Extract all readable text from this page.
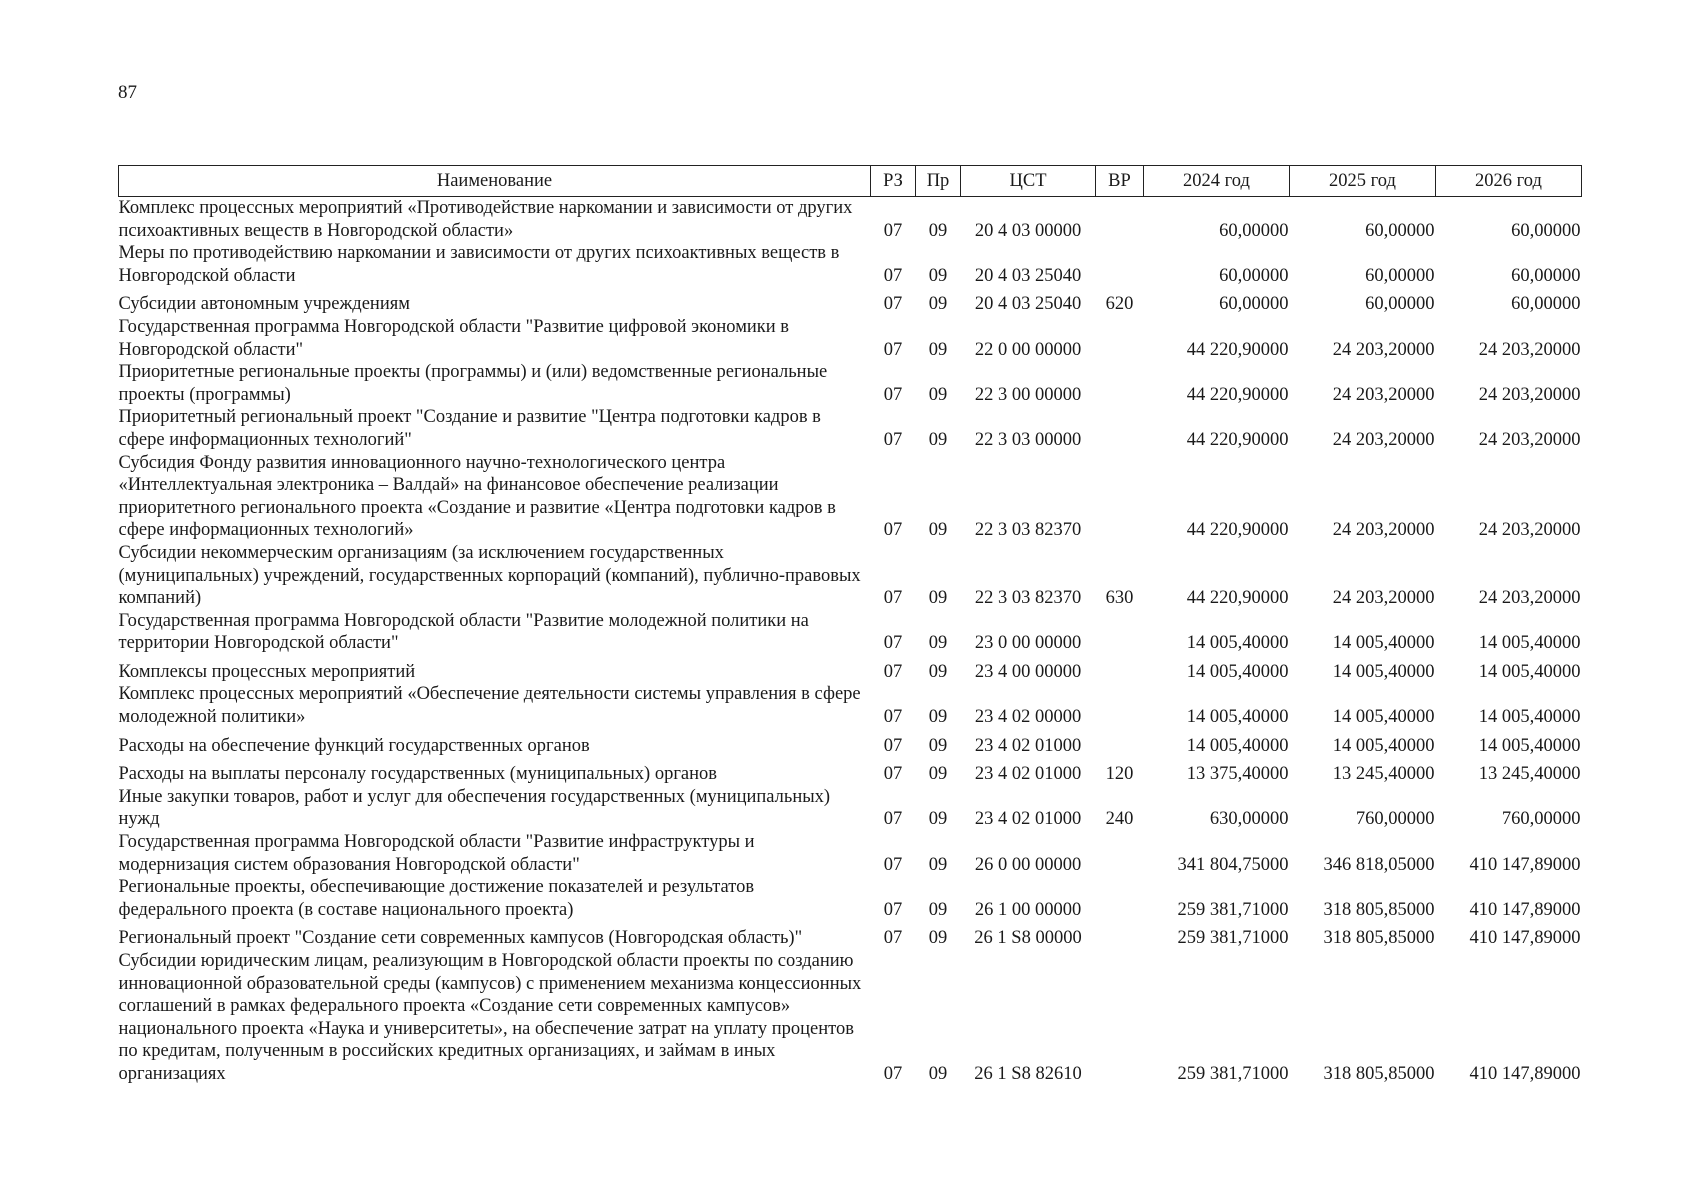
87
Наименование	РЗ	Пр	ЦСТ	ВР	2024 год	2025 год	2026 год
Комплекс процессных мероприятий «Противодействие наркомании и зависимости от других психоактивных веществ в Новгородской области»	07	09	20 4 03 00000		60,00000	60,00000	60,00000
Меры по противодействию наркомании и зависимости от других психоактивных веществ в Новгородской области	07	09	20 4 03 25040		60,00000	60,00000	60,00000
Субсидии автономным учреждениям	07	09	20 4 03 25040	620	60,00000	60,00000	60,00000
Государственная программа Новгородской области "Развитие цифровой экономики в Новгородской области"	07	09	22 0 00 00000		44 220,90000	24 203,20000	24 203,20000
Приоритетные региональные проекты (программы) и (или) ведомственные региональные проекты (программы)	07	09	22 3 00 00000		44 220,90000	24 203,20000	24 203,20000
Приоритетный региональный проект "Создание и развитие "Центра подготовки кадров в сфере информационных технологий"	07	09	22 3 03 00000		44 220,90000	24 203,20000	24 203,20000
Субсидия Фонду развития инновационного научно-технологического центра «Интеллектуальная электроника – Валдай» на финансовое обеспечение реализации приоритетного регионального проекта «Создание и развитие «Центра подготовки кадров в сфере информационных технологий»	07	09	22 3 03 82370		44 220,90000	24 203,20000	24 203,20000
Субсидии некоммерческим организациям (за исключением государственных (муниципальных) учреждений, государственных корпораций (компаний), публично-правовых компаний)	07	09	22 3 03 82370	630	44 220,90000	24 203,20000	24 203,20000
Государственная программа Новгородской области "Развитие молодежной политики на территории Новгородской области"	07	09	23 0 00 00000		14 005,40000	14 005,40000	14 005,40000
Комплексы процессных мероприятий	07	09	23 4 00 00000		14 005,40000	14 005,40000	14 005,40000
Комплекс процессных мероприятий «Обеспечение деятельности системы управления в сфере молодежной политики»	07	09	23 4 02 00000		14 005,40000	14 005,40000	14 005,40000
Расходы на обеспечение функций государственных органов	07	09	23 4 02 01000		14 005,40000	14 005,40000	14 005,40000
Расходы на выплаты персоналу государственных (муниципальных) органов	07	09	23 4 02 01000	120	13 375,40000	13 245,40000	13 245,40000
Иные закупки товаров, работ и услуг для обеспечения государственных (муниципальных) нужд	07	09	23 4 02 01000	240	630,00000	760,00000	760,00000
Государственная программа Новгородской области "Развитие инфраструктуры и модернизация систем образования Новгородской области"	07	09	26 0 00 00000		341 804,75000	346 818,05000	410 147,89000
Региональные проекты, обеспечивающие достижение показателей и результатов федерального проекта (в составе национального проекта)	07	09	26 1 00 00000		259 381,71000	318 805,85000	410 147,89000
Региональный проект "Создание сети современных кампусов (Новгородская область)"	07	09	26 1 S8 00000		259 381,71000	318 805,85000	410 147,89000
Субсидии юридическим лицам, реализующим в Новгородской области проекты по созданию инновационной образовательной среды (кампусов) с применением механизма концессионных соглашений в рамках федерального проекта «Создание сети современных кампусов» национального проекта «Наука и университеты», на обеспечение затрат на уплату процентов по кредитам, полученным в российских кредитных организациях, и займам в иных организациях	07	09	26 1 S8 82610		259 381,71000	318 805,85000	410 147,89000
